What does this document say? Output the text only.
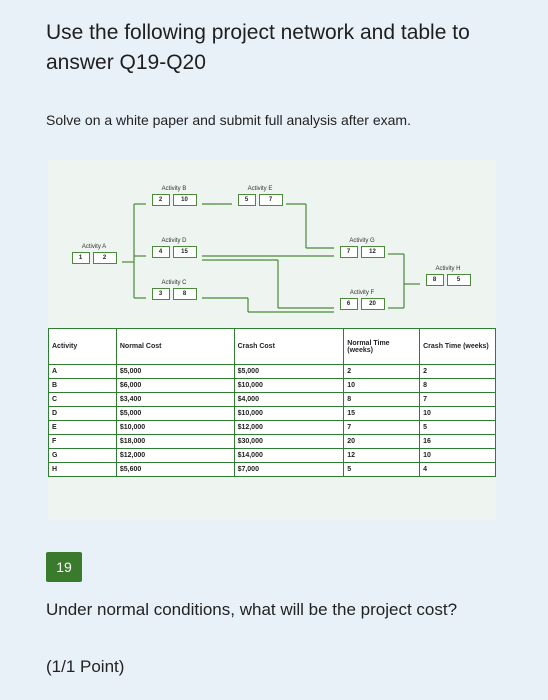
Use the following project network and table to answer Q19-Q20
Solve on a white paper and submit full analysis after exam.
Activity A
1	2
Activity B
2	10
Activity C
3	8
Activity D
4	15
Activity E
5	7
Activity F
6	20
Activity G
7	12
Activity H
8	5
Activity	Normal Cost	Crash Cost	Normal Time (weeks)	Crash Time (weeks)
A	$5,000	$5,000	2	2
B	$6,000	$10,000	10	8
C	$3,400	$4,000	8	7
D	$5,000	$10,000	15	10
E	$10,000	$12,000	7	5
F	$18,000	$30,000	20	16
G	$12,000	$14,000	12	10
H	$5,600	$7,000	5	4
19
Under normal conditions, what will be the project cost?
(1/1 Point)
